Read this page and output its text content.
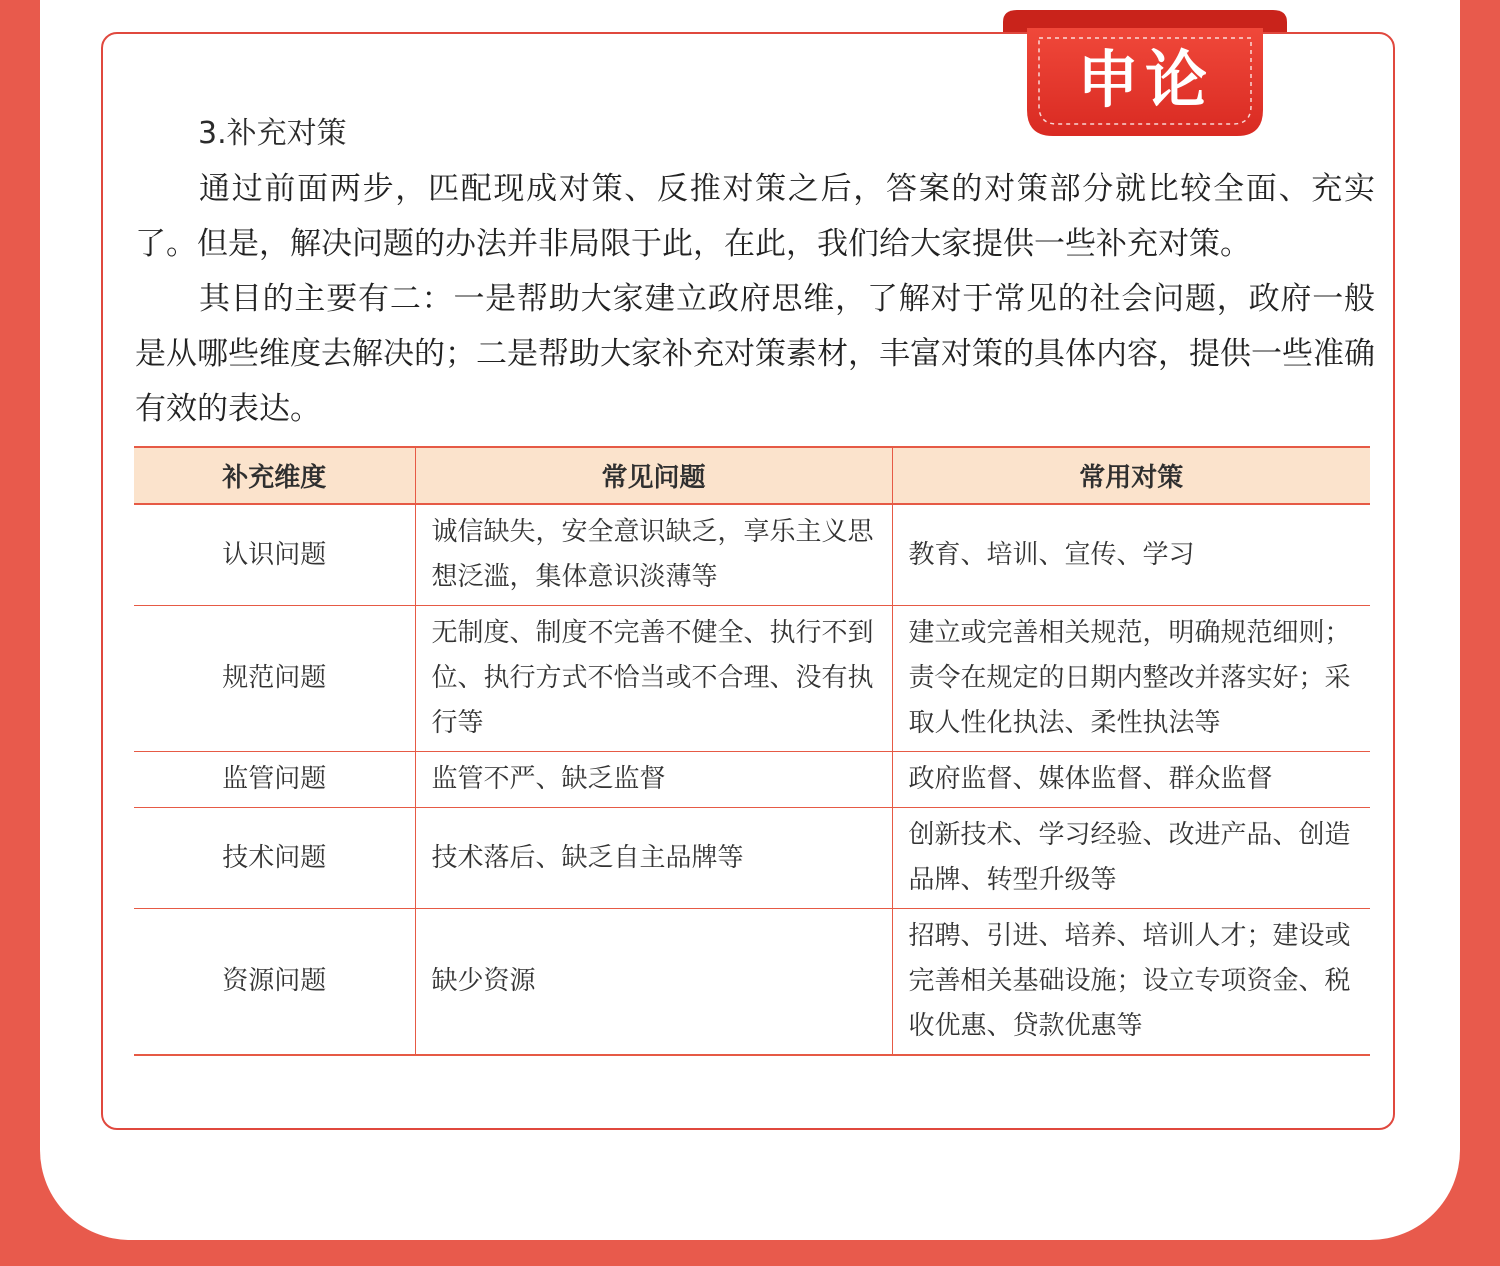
申论
3.补充对策

通过前面两步，匹配现成对策、反推对策之后，答案的对策部分就比较全面、充实了。但是，解决问题的办法并非局限于此，在此，我们给大家提供一些补充对策。

其目的主要有二：一是帮助大家建立政府思维，了解对于常见的社会问题，政府一般是从哪些维度去解决的；二是帮助大家补充对策素材，丰富对策的具体内容，提供一些准确有效的表达。

补充维度	常见问题	常用对策
认识问题	诚信缺失，安全意识缺乏，享乐主义思想泛滥，集体意识淡薄等	教育、培训、宣传、学习
规范问题	无制度、制度不完善不健全、执行不到位、执行方式不恰当或不合理、没有执行等	建立或完善相关规范，明确规范细则；责令在规定的日期内整改并落实好；采取人性化执法、柔性执法等
监管问题	监管不严、缺乏监督	政府监督、媒体监督、群众监督
技术问题	技术落后、缺乏自主品牌等	创新技术、学习经验、改进产品、创造品牌、转型升级等
资源问题	缺少资源	招聘、引进、培养、培训人才；建设或完善相关基础设施；设立专项资金、税收优惠、贷款优惠等
